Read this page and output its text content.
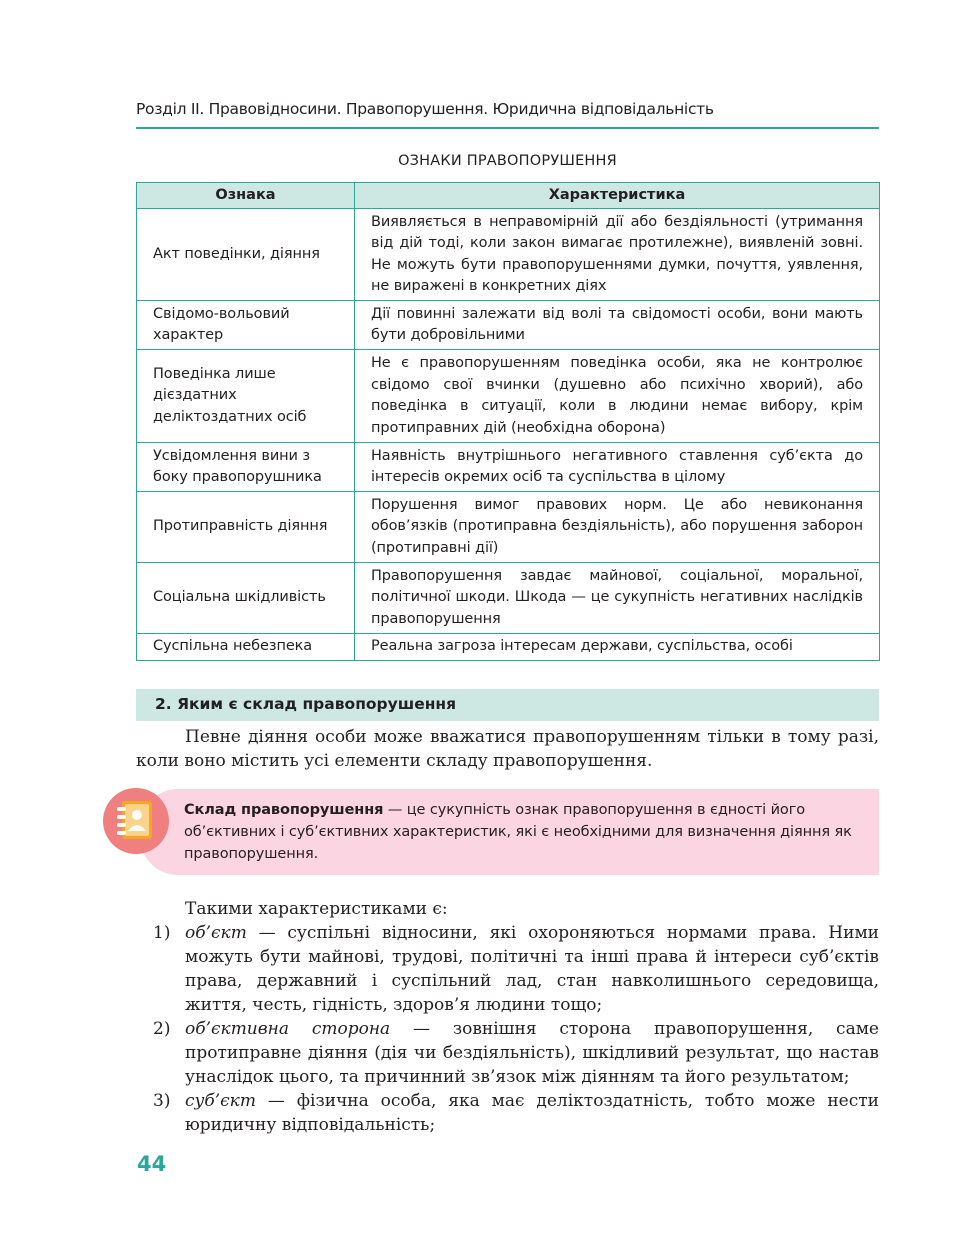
Розділ II. Правовідносини. Правопорушення. Юридична відповідальність
ОЗНАКИ ПРАВОПОРУШЕННЯ
Ознака	Характеристика
Акт поведінки, діяння	Виявляється в неправомірній дії або бездіяльності (утримання від дій тоді, коли закон вимагає протилежне), виявленій зовні. Не можуть бути правопорушеннями думки, почуття, уявлення, не виражені в конкретних діях
Свідомо-вольовий характер	Дії повинні залежати від волі та свідомості особи, вони мають бути добровільними
Поведінка лише дієздатних деліктоздатних осіб	Не є правопорушенням поведінка особи, яка не контролює свідомо свої вчинки (душевно або психічно хворий), або поведінка в ситуації, коли в людини немає вибору, крім протиправних дій (необхідна оборона)
Усвідомлення вини з боку правопорушника	Наявність внутрішнього негативного ставлення суб’єкта до інтересів окремих осіб та суспільства в цілому
Протиправність діяння	Порушення вимог правових норм. Це або невиконання обов’язків (протиправна бездіяльність), або порушення заборон (протиправні дії)
Соціальна шкідливість	Правопорушення завдає майнової, соціальної, моральної, політичної шкоди. Шкода — це сукупність негативних наслідків правопорушення
Суспільна небезпека	Реальна загроза інтересам держави, суспільства, особі
2. Яким є склад правопорушення
Певне діяння особи може вважатися правопорушенням тільки в тому разі, коли воно містить усі елементи складу правопорушення.
Склад правопорушення — це сукупність ознак правопорушення в єдності його об’єктивних і суб’єктивних характеристик, які є необхідними для визначення діяння як правопорушення.
Такими характеристиками є:
1) об’єкт — суспільні відносини, які охороняються нормами права. Ними можуть бути майнові, трудові, політичні та інші права й інтереси суб’єктів права, державний і суспільний лад, стан навколишнього середовища, життя, честь, гідність, здоров’я людини тощо;
2) об’єктивна сторона — зовнішня сторона правопорушення, саме протиправне діяння (дія чи бездіяльність), шкідливий результат, що настав унаслідок цього, та причинний зв’язок між діянням та його результатом;
3) суб’єкт — фізична особа, яка має деліктоздатність, тобто може нести юридичну відповідальність;
44
